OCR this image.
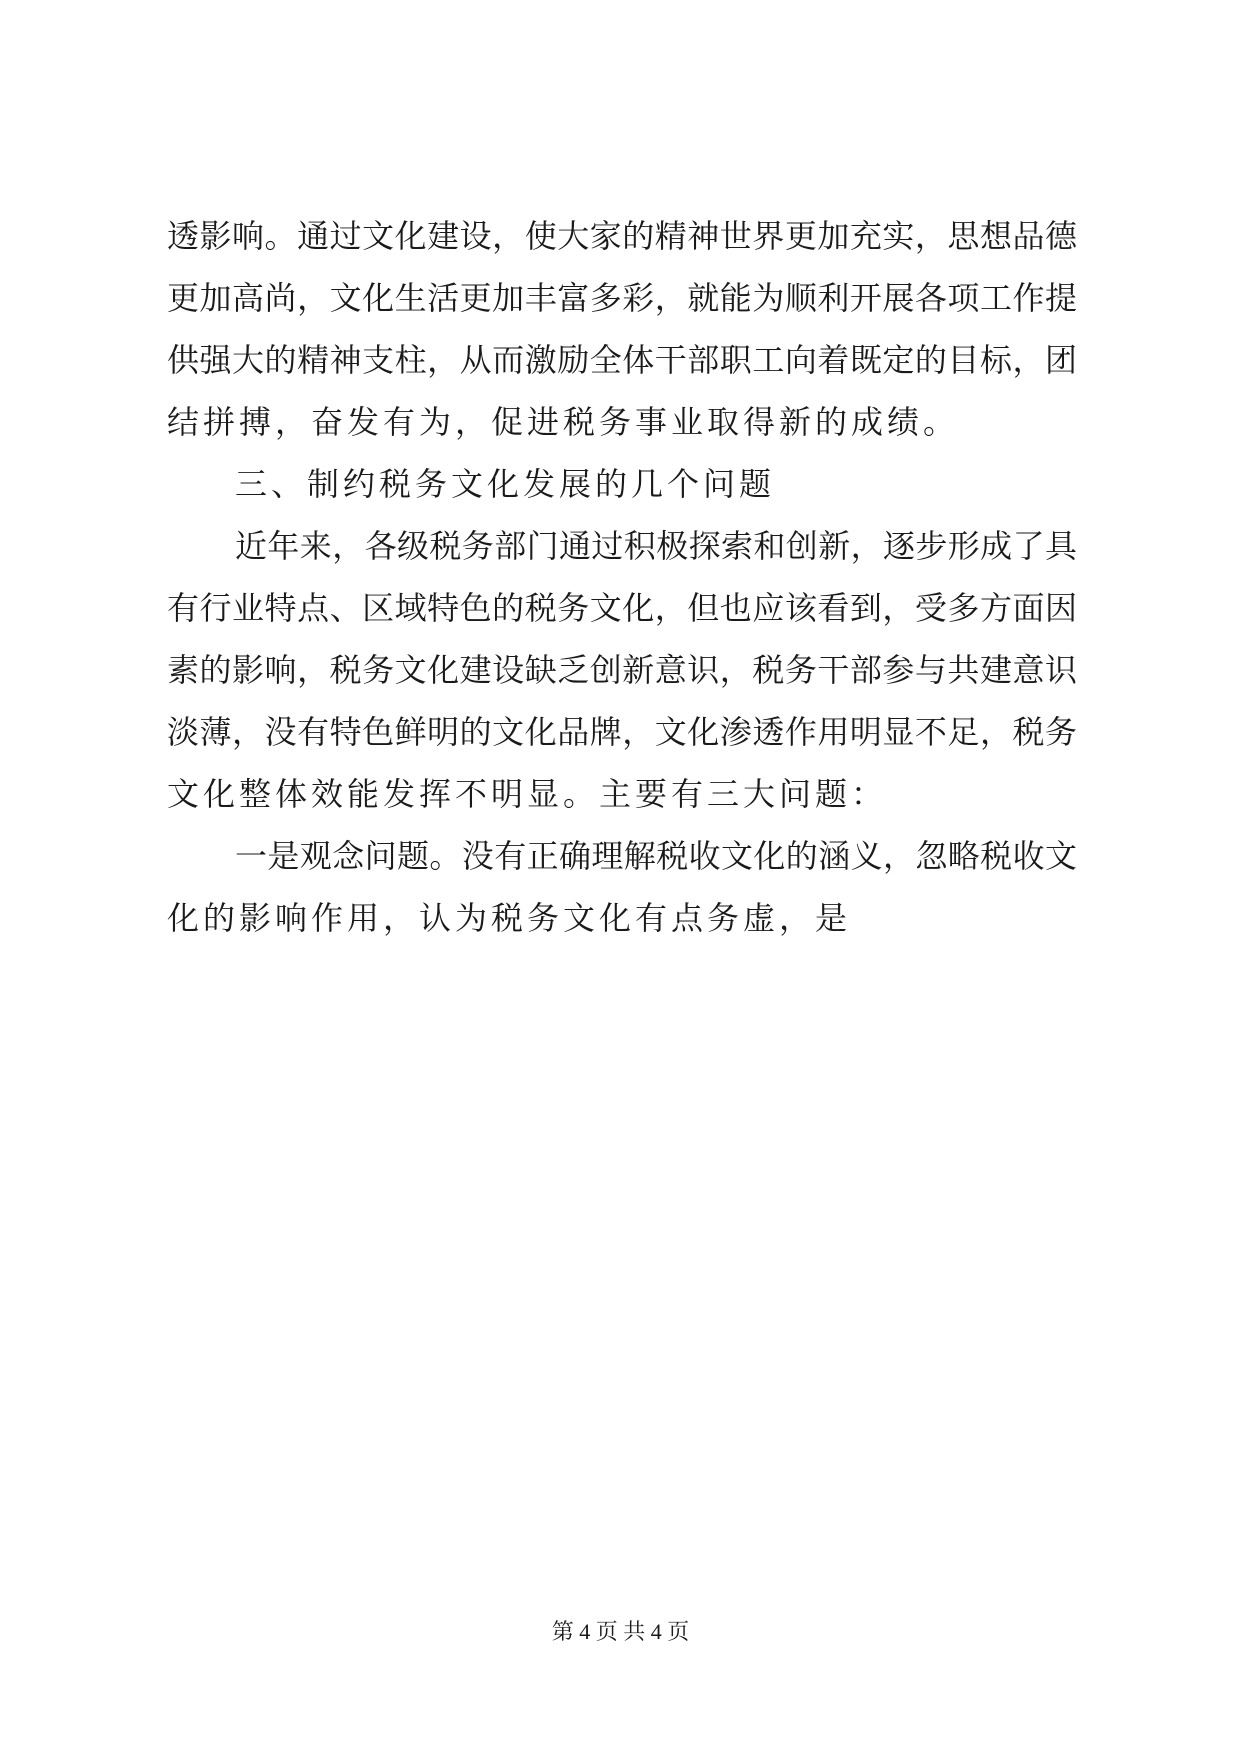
透影响。通过文化建设，使大家的精神世界更加充实，思想品德
更加高尚，文化生活更加丰富多彩，就能为顺利开展各项工作提
供强大的精神支柱，从而激励全体干部职工向着既定的目标，团
结拼搏，奋发有为，促进税务事业取得新的成绩。
三、制约税务文化发展的几个问题
近年来，各级税务部门通过积极探索和创新，逐步形成了具
有行业特点、区域特色的税务文化，但也应该看到，受多方面因
素的影响，税务文化建设缺乏创新意识，税务干部参与共建意识
淡薄，没有特色鲜明的文化品牌，文化渗透作用明显不足，税务
文化整体效能发挥不明显。主要有三大问题：
一是观念问题。没有正确理解税收文化的涵义，忽略税收文
化的影响作用，认为税务文化有点务虚，是
第 4 页 共 4 页
